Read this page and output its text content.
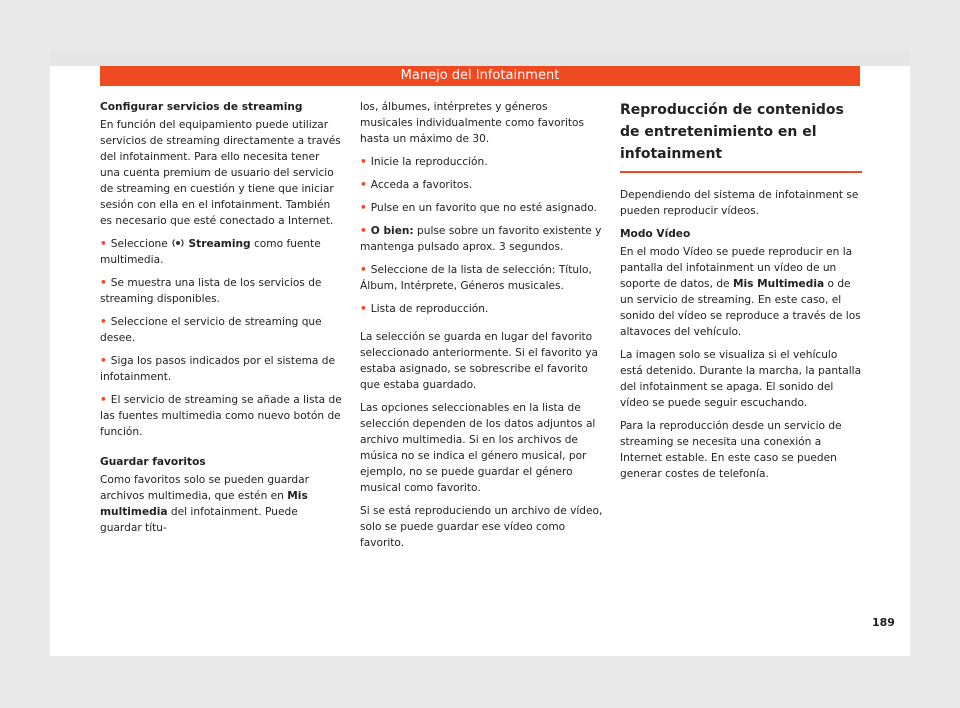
Manejo del Infotainment
Configurar servicios de streaming

En función del equipamiento puede utilizar servicios de streaming directamente a través del infotainment. Para ello necesita tener una cuenta premium de usuario del servicio de streaming en cuestión y tiene que iniciar sesión con ella en el infotainment. También es necesario que esté conectado a Internet.

• Seleccione Streaming como fuente multimedia.

• Se muestra una lista de los servicios de streaming disponibles.

• Seleccione el servicio de streaming que desee.

• Siga los pasos indicados por el sistema de infotainment.

• El servicio de streaming se añade a lista de las fuentes multimedia como nuevo botón de función.

Guardar favoritos

Como favoritos solo se pueden guardar archivos multimedia, que estén en Mis multimedia del infotainment. Puede guardar títu-

los, álbumes, intérpretes y géneros musicales individualmente como favoritos hasta un máximo de 30.

• Inicie la reproducción.

• Acceda a favoritos.

• Pulse en un favorito que no esté asignado.

• O bien: pulse sobre un favorito existente y mantenga pulsado aprox. 3 segundos.

• Seleccione de la lista de selección: Título, Álbum, Intérprete, Géneros musicales.

• Lista de reproducción.

La selección se guarda en lugar del favorito seleccionado anteriormente. Si el favorito ya estaba asignado, se sobrescribe el favorito que estaba guardado.

Las opciones seleccionables en la lista de selección dependen de los datos adjuntos al archivo multimedia. Si en los archivos de música no se indica el género musical, por ejemplo, no se puede guardar el género musical como favorito.

Si se está reproduciendo un archivo de vídeo, solo se puede guardar ese vídeo como favorito.

Reproducción de contenidos de entretenimiento en el infotainment

Dependiendo del sistema de infotainment se pueden reproducir vídeos.

Modo Vídeo

En el modo Vídeo se puede reproducir en la pantalla del infotainment un vídeo de un soporte de datos, de Mis Multimedia o de un servicio de streaming. En este caso, el sonido del vídeo se reproduce a través de los altavoces del vehículo.

La imagen solo se visualiza si el vehículo está detenido. Durante la marcha, la pantalla del infotainment se apaga. El sonido del vídeo se puede seguir escuchando.

Para la reproducción desde un servicio de streaming se necesita una conexión a Internet estable. En este caso se pueden generar costes de telefonía.

189
